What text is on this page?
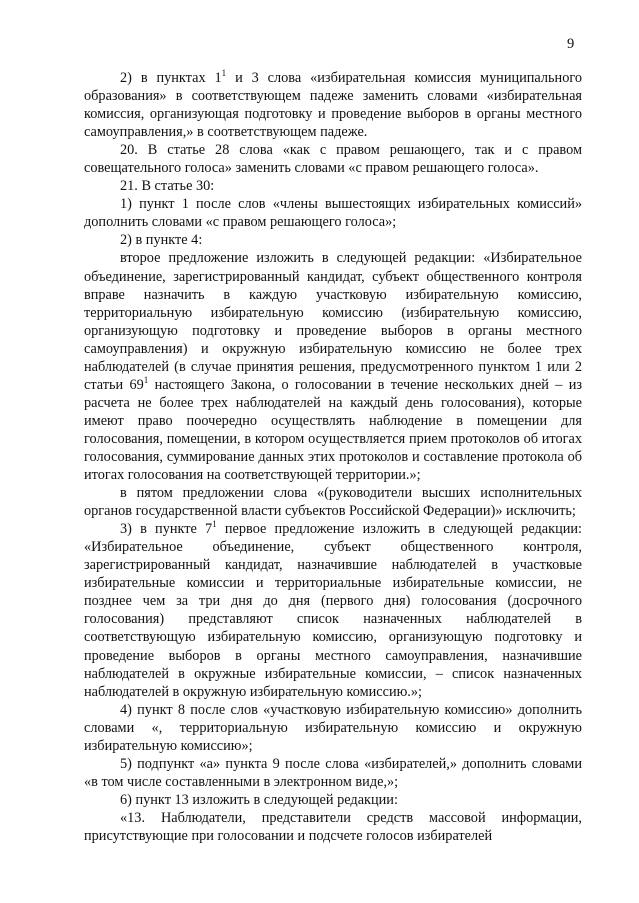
9

2) в пунктах $1^1$ и 3 слова «избирательная комиссия муниципального образования» в соответствующем падеже заменить словами «избирательная комиссия, организующая подготовку и проведение выборов в органы местного самоуправления,» в соответствующем падеже.

20. В статье 28 слова «как с правом решающего, так и с правом совещательного голоса» заменить словами «с правом решающего голоса».

21. В статье 30:

1) пункт 1 после слов «члены вышестоящих избирательных комиссий» дополнить словами «с правом решающего голоса»;

2) в пункте 4:

второе предложение изложить в следующей редакции: «Избирательное объединение, зарегистрированный кандидат, субъект общественного контроля вправе назначить в каждую участковую избирательную комиссию, территориальную избирательную комиссию (избирательную комиссию, организующую подготовку и проведение выборов в органы местного самоуправления) и окружную избирательную комиссию не более трех наблюдателей (в случае принятия решения, предусмотренного пунктом 1 или 2 статьи $69^1$ настоящего Закона, о голосовании в течение нескольких дней – из расчета не более трех наблюдателей на каждый день голосования), которые имеют право поочередно осуществлять наблюдение в помещении для голосования, помещении, в котором осуществляется прием протоколов об итогах голосования, суммирование данных этих протоколов и составление протокола об итогах голосования на соответствующей территории.»;

в пятом предложении слова «(руководители высших исполнительных органов государственной власти субъектов Российской Федерации)» исключить;

3) в пункте $7^1$ первое предложение изложить в следующей редакции: «Избирательное объединение, субъект общественного контроля, зарегистрированный кандидат, назначившие наблюдателей в участковые избирательные комиссии и территориальные избирательные комиссии, не позднее чем за три дня до дня (первого дня) голосования (досрочного голосования) представляют список назначенных наблюдателей в соответствующую избирательную комиссию, организующую подготовку и проведение выборов в органы местного самоуправления, назначившие наблюдателей в окружные избирательные комиссии, – список назначенных наблюдателей в окружную избирательную комиссию.»;

4) пункт 8 после слов «участковую избирательную комиссию» дополнить словами «, территориальную избирательную комиссию и окружную избирательную комиссию»;

5) подпункт «а» пункта 9 после слова «избирателей,» дополнить словами «в том числе составленными в электронном виде,»;

6) пункт 13 изложить в следующей редакции:

«13. Наблюдатели, представители средств массовой информации, присутствующие при голосовании и подсчете голосов избирателей
